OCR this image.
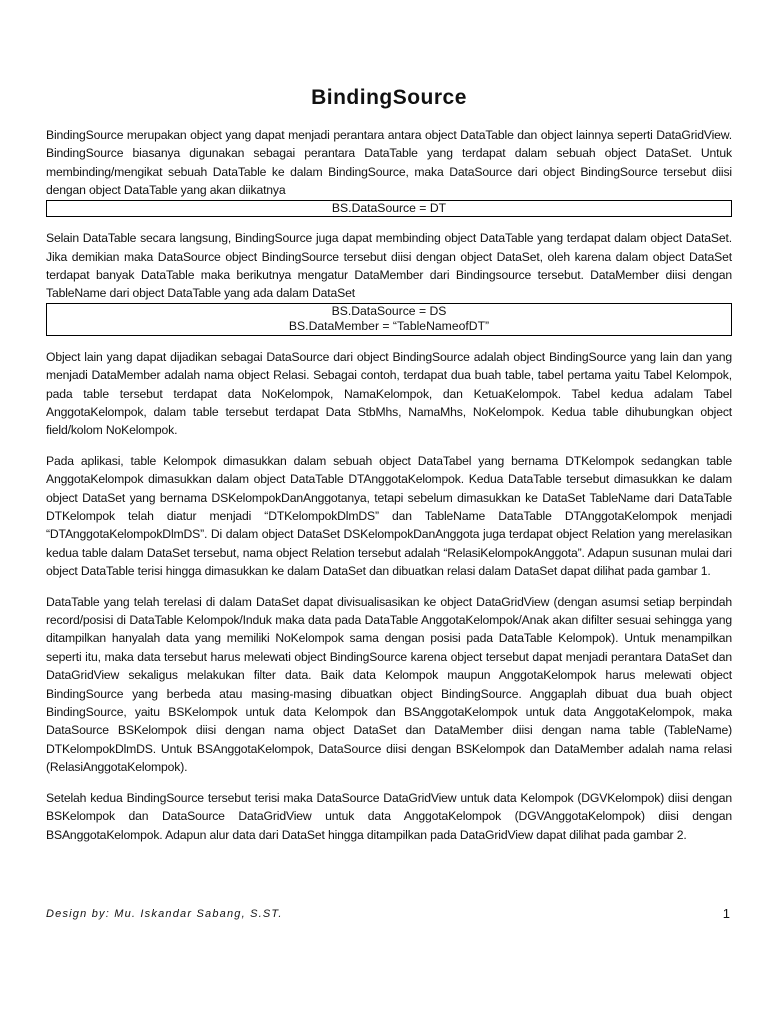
BindingSource

BindingSource merupakan object yang dapat menjadi perantara antara object DataTable dan object lainnya seperti DataGridView. BindingSource biasanya digunakan sebagai perantara DataTable yang terdapat dalam sebuah object DataSet. Untuk membinding/mengikat sebuah DataTable ke dalam BindingSource, maka DataSource dari object BindingSource tersebut diisi dengan object DataTable yang akan diikatnya

BS.DataSource = DT

Selain DataTable secara langsung, BindingSource juga dapat membinding object DataTable yang terdapat dalam object DataSet. Jika demikian maka DataSource object BindingSource tersebut diisi dengan object DataSet, oleh karena dalam object DataSet terdapat banyak DataTable maka berikutnya mengatur DataMember dari Bindingsource tersebut. DataMember diisi dengan TableName dari object DataTable yang ada dalam DataSet

BS.DataSource = DS
BS.DataMember = “TableNameofDT”

Object lain yang dapat dijadikan sebagai DataSource dari object BindingSource adalah object BindingSource yang lain dan yang menjadi DataMember adalah nama object Relasi. Sebagai contoh, terdapat dua buah table, tabel pertama yaitu Tabel Kelompok, pada table tersebut terdapat data NoKelompok, NamaKelompok, dan KetuaKelompok. Tabel kedua adalam Tabel AnggotaKelompok, dalam table tersebut terdapat Data StbMhs, NamaMhs, NoKelompok. Kedua table dihubungkan object field/kolom NoKelompok.

Pada aplikasi, table Kelompok dimasukkan dalam sebuah object DataTabel yang bernama DTKelompok sedangkan table AnggotaKelompok dimasukkan dalam object DataTable DTAnggotaKelompok. Kedua DataTable tersebut dimasukkan ke dalam object DataSet yang bernama DSKelompokDanAnggotanya, tetapi sebelum dimasukkan ke DataSet TableName dari DataTable DTKelompok telah diatur menjadi “DTKelompokDlmDS” dan TableName DataTable DTAnggotaKelompok menjadi “DTAnggotaKelompokDlmDS”. Di dalam object DataSet DSKelompokDanAnggota juga terdapat object Relation yang merelasikan kedua table dalam DataSet tersebut, nama object Relation tersebut adalah “RelasiKelompokAnggota”. Adapun susunan mulai dari object DataTable terisi hingga dimasukkan ke dalam DataSet dan dibuatkan relasi dalam DataSet dapat dilihat pada gambar 1.

DataTable yang telah terelasi di dalam DataSet dapat divisualisasikan ke object DataGridView (dengan asumsi setiap berpindah record/posisi di DataTable Kelompok/Induk maka data pada DataTable AnggotaKelompok/Anak akan difilter sesuai sehingga yang ditampilkan hanyalah data yang memiliki NoKelompok sama dengan posisi pada DataTable Kelompok). Untuk menampilkan seperti itu, maka data tersebut harus melewati object BindingSource karena object tersebut dapat menjadi perantara DataSet dan DataGridView sekaligus melakukan filter data. Baik data Kelompok maupun AnggotaKelompok harus melewati object BindingSource yang berbeda atau masing-masing dibuatkan object BindingSource. Anggaplah dibuat dua buah object BindingSource, yaitu BSKelompok untuk data Kelompok dan BSAnggotaKelompok untuk data AnggotaKelompok, maka DataSource BSKelompok diisi dengan nama object DataSet dan DataMember diisi dengan nama table (TableName) DTKelompokDlmDS. Untuk BSAnggotaKelompok, DataSource diisi dengan BSKelompok dan DataMember adalah nama relasi (RelasiAnggotaKelompok).

Setelah kedua BindingSource tersebut terisi maka DataSource DataGridView untuk data Kelompok (DGVKelompok) diisi dengan BSKelompok dan DataSource DataGridView untuk data AnggotaKelompok (DGVAnggotaKelompok) diisi dengan BSAnggotaKelompok. Adapun alur data dari DataSet hingga ditampilkan pada DataGridView dapat dilihat pada gambar 2.

Design by: Mu. Iskandar Sabang, S.ST.	1
